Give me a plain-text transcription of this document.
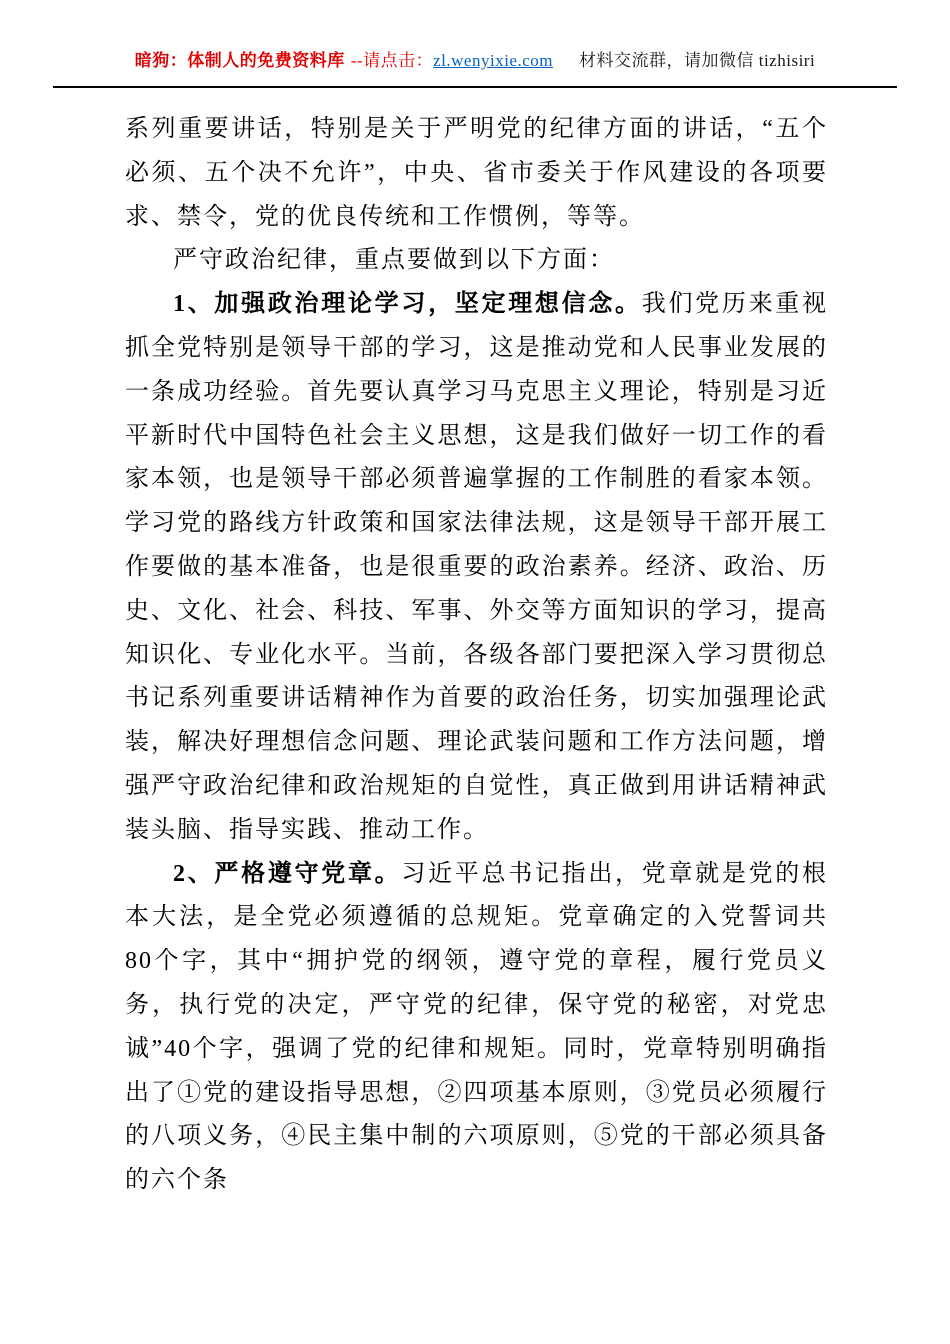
暗狗：体制人的免费资料库 --请点击：zl.wenyixie.com 材料交流群，请加微信 tizhisiri

系列重要讲话，特别是关于严明党的纪律方面的讲话，“五个必须、五个决不允许”，中央、省市委关于作风建设的各项要求、禁令，党的优良传统和工作惯例，等等。

严守政治纪律，重点要做到以下方面：

1、加强政治理论学习，坚定理想信念。我们党历来重视抓全党特别是领导干部的学习，这是推动党和人民事业发展的一条成功经验。首先要认真学习马克思主义理论，特别是习近平新时代中国特色社会主义思想，这是我们做好一切工作的看家本领，也是领导干部必须普遍掌握的工作制胜的看家本领。学习党的路线方针政策和国家法律法规，这是领导干部开展工作要做的基本准备，也是很重要的政治素养。经济、政治、历史、文化、社会、科技、军事、外交等方面知识的学习，提高知识化、专业化水平。当前，各级各部门要把深入学习贯彻总书记系列重要讲话精神作为首要的政治任务，切实加强理论武装，解决好理想信念问题、理论武装问题和工作方法问题，增强严守政治纪律和政治规矩的自觉性，真正做到用讲话精神武装头脑、指导实践、推动工作。

2、严格遵守党章。习近平总书记指出，党章就是党的根本大法，是全党必须遵循的总规矩。党章确定的入党誓词共80个字，其中“拥护党的纲领，遵守党的章程，履行党员义务，执行党的决定，严守党的纪律，保守党的秘密，对党忠诚”40个字，强调了党的纪律和规矩。同时，党章特别明确指出了①党的建设指导思想，②四项基本原则，③党员必须履行的八项义务，④民主集中制的六项原则，⑤党的干部必须具备的六个条
